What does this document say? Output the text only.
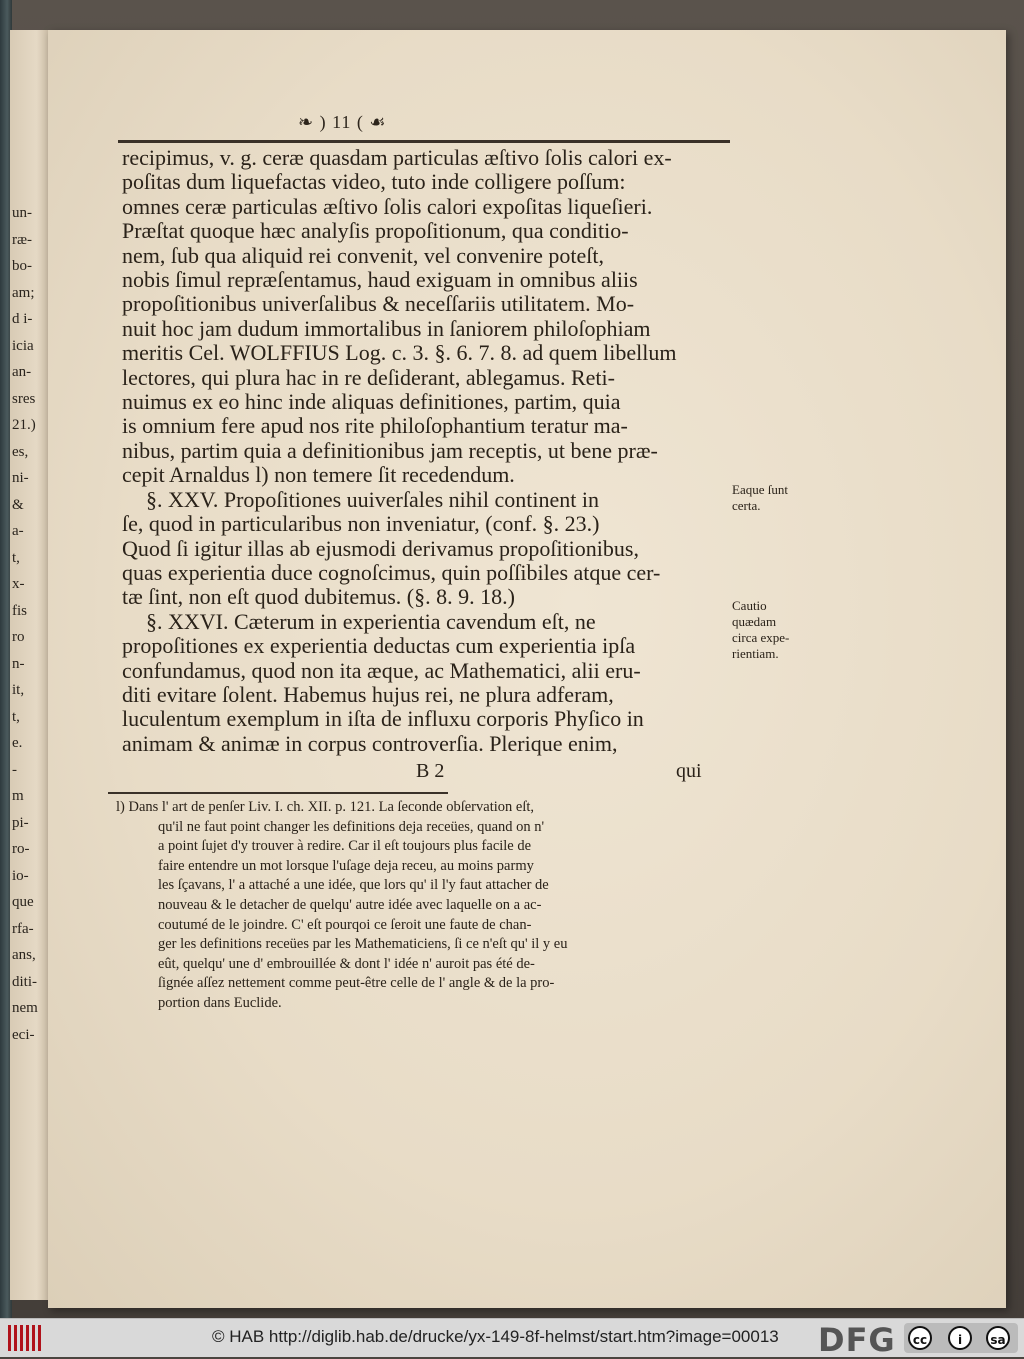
un-
ræ-
bo-
am;
d i-
icia
an-
sres
21.)
es,
ni-
&
a-
t,
x-
fis
ro
n-
it,
t,
e.
-
m
pi-
ro-
io-
que
rfa-
ans,
diti-
nem
eci-
❧ ) 11 ( ☙
recipimus, v. g. ceræ quasdam particulas æſtivo ſolis calori ex-
poſitas dum liquefactas video, tuto inde colligere poſſum:
omnes ceræ particulas æſtivo ſolis calori expoſitas liqueſieri.
Præſtat quoque hæc analyſis propoſitionum, qua conditio-
nem, ſub qua aliquid rei convenit, vel convenire poteſt,
nobis ſimul repræſentamus, haud exiguam in omnibus aliis
propoſitionibus univerſalibus & neceſſariis utilitatem. Mo-
nuit hoc jam dudum immortalibus in ſaniorem philoſophiam
meritis Cel. WOLFFIUS Log. c. 3. §. 6. 7. 8. ad quem libellum
lectores, qui plura hac in re deſiderant, ablegamus. Reti-
nuimus ex eo hinc inde aliquas definitiones, partim, quia
is omnium fere apud nos rite philoſophantium teratur ma-
nibus, partim quia a definitionibus jam receptis, ut bene præ-
cepit Arnaldus l) non temere ſit recedendum.
§. XXV. Propoſitiones uuiverſales nihil continent in
ſe, quod in particularibus non inveniatur, (conf. §. 23.)
Quod ſi igitur illas ab ejusmodi derivamus propoſitionibus,
quas experientia duce cognoſcimus, quin poſſibiles atque cer-
tæ ſint, non eſt quod dubitemus. (§. 8. 9. 18.)
§. XXVI. Cæterum in experientia cavendum eſt, ne
propoſitiones ex experientia deductas cum experientia ipſa
confundamus, quod non ita æque, ac Mathematici, alii eru-
diti evitare ſolent. Habemus hujus rei, ne plura adferam,
luculentum exemplum in iſta de influxu corporis Phyſico in
animam & animæ in corpus controverſia. Plerique enim,
B 2	qui
Eaque ſunt
certa.
Cautio
quædam
circa expe-
rientiam.
l) Dans l' art de penſer Liv. I. ch. XII. p. 121. La ſeconde obſervation eſt,
qu'il ne faut point changer les definitions deja receües, quand on n'
a point ſujet d'y trouver à redire. Car il eſt toujours plus facile de
faire entendre un mot lorsque l'uſage deja receu, au moins parmy
les ſçavans, l' a attaché a une idée, que lors qu' il l'y faut attacher de
nouveau & le detacher de quelqu' autre idée avec laquelle on a ac-
coutumé de le joindre. C' eſt pourqoi ce ſeroit une faute de chan-
ger les definitions receües par les Mathematiciens, ſi ce n'eſt qu' il y eu
eût, quelqu' une d' embrouillée & dont l' idée n' auroit pas été de-
ſignée aſſez nettement comme peut-être celle de l' angle & de la pro-
portion dans Euclide.
© HAB http://diglib.hab.de/drucke/yx-149-8f-helmst/start.htm?image=00013 DFG	cc	i	sa
